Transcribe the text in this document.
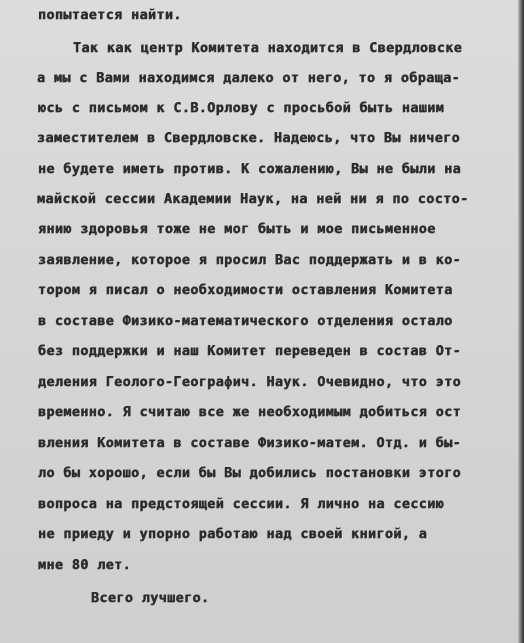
попытается найти.

Так как центр Комитета находится в Свердловске

а мы с Вами находимся далеко от него, то я обраща-

юсь с письмом к С.В.Орлову с просьбой быть нашим

заместителем в Свердловске. Надеюсь, что Вы ничего

не будете иметь против. К сожалению, Вы не были на

майской сессии Академии Наук, на ней ни я по состо-

янию здоровья тоже не мог быть и мое письменное

заявление, которое я просил Вас поддержать и в ко-

тором я писал о необходимости оставления Комитета

в составе Физико-математического отделения остало

без поддержки и наш Комитет переведен в состав От-

деления Геолого-Географич. Наук. Очевидно, что это

временно. Я считаю все же необходимым добиться ост

вления Комитета в составе Физико-матем. Отд. и бы-

ло бы хорошо, если бы Вы добились постановки этого

вопроса на предстоящей сессии. Я лично на сессию

не приеду и упорно работаю над своей книгой, а

мне 80 лет.

Всего лучшего.
